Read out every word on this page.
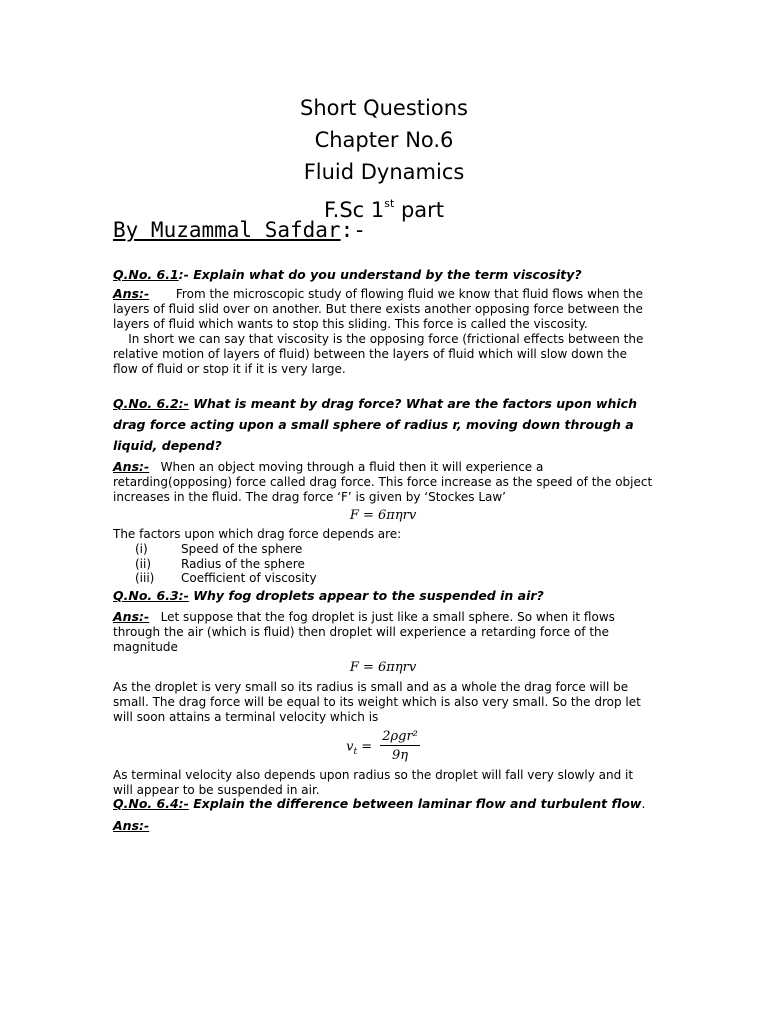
Short Questions
Chapter No.6
Fluid Dynamics
F.Sc 1st part
By Muzammal Safdar:-
Q.No. 6.1:- Explain what do you understand by the term viscosity?

Ans:- From the microscopic study of flowing fluid we know that fluid flows when the layers of fluid slid over on another. But there exists another opposing force between the layers of fluid which wants to stop this sliding. This force is called the viscosity.

In short we can say that viscosity is the opposing force (frictional effects between the relative motion of layers of fluid) between the layers of fluid which will slow down the flow of fluid or stop it if it is very large.

Q.No. 6.2:- What is meant by drag force? What are the factors upon which drag force acting upon a small sphere of radius r, moving down through a liquid, depend?

Ans:- When an object moving through a fluid then it will experience a retarding(opposing) force called drag force. This force increase as the speed of the object increases in the fluid. The drag force ‘F’ is given by ‘Stockes Law’

F = 6πηrv

The factors upon which drag force depends are:

(i)	Speed of the sphere
(ii)	Radius of the sphere
(iii)	Coefficient of viscosity
Q.No. 6.3:- Why fog droplets appear to the suspended in air?

Ans:- Let suppose that the fog droplet is just like a small sphere. So when it flows through the air (which is fluid) then droplet will experience a retarding force of the magnitude

F = 6πηrv

As the droplet is very small so its radius is small and as a whole the drag force will be small. The drag force will be equal to its weight which is also very small. So the drop let will soon attains a terminal velocity which is

$v_t = \frac{\text{2ρgr²}}{9\eta}$

As terminal velocity also depends upon radius so the droplet will fall very slowly and it will appear to be suspended in air.

Q.No. 6.4:- Explain the difference between laminar flow and turbulent flow.
Ans:-
